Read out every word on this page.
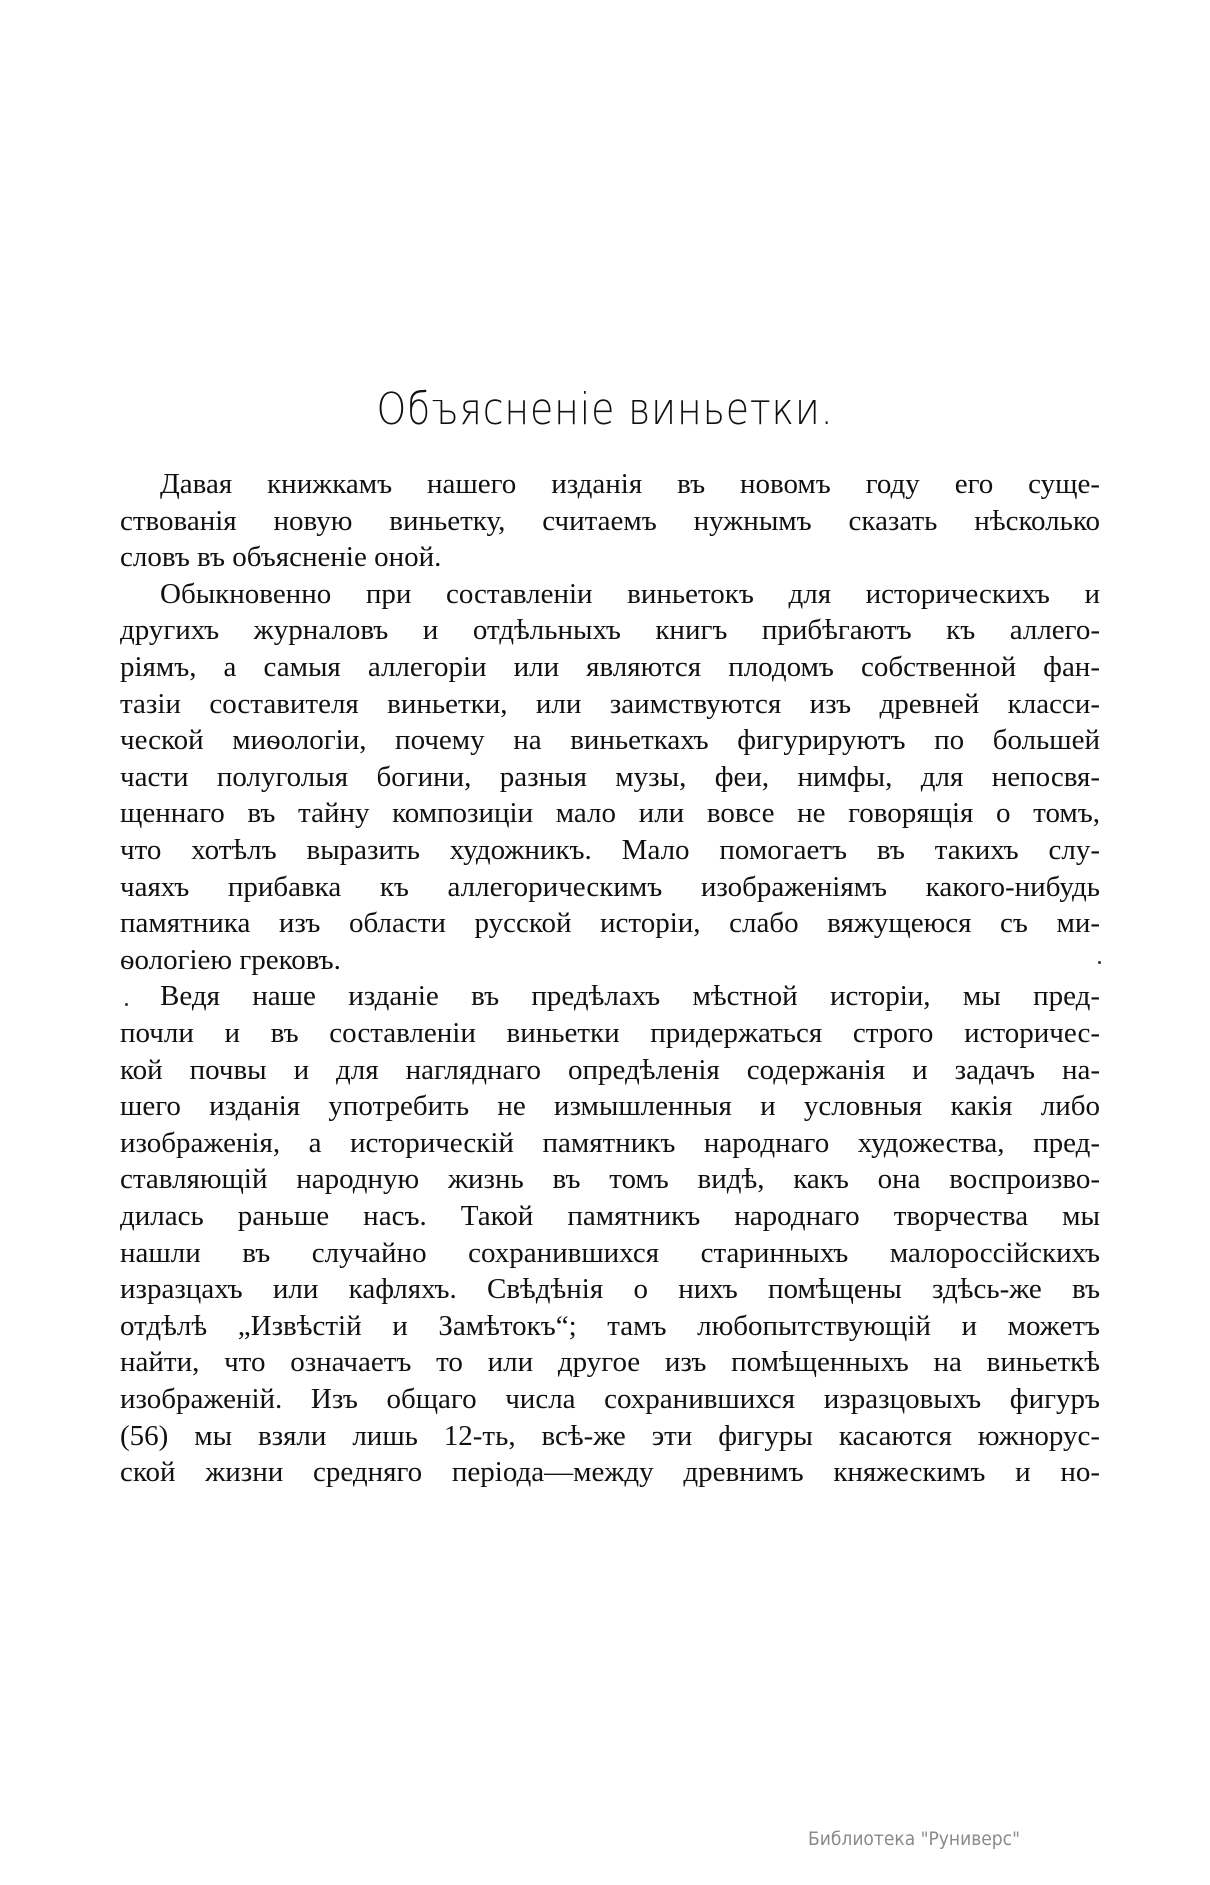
Объясненiе виньетки.
Давая книжкамъ нашего изданiя въ новомъ году его суще-
ствованiя новую виньетку, считаемъ нужнымъ сказать нѣсколько
словъ въ объясненiе оной.
Обыкновенно при составленiи виньетокъ для историческихъ и
другихъ журналовъ и отдѣльныхъ книгъ прибѣгаютъ къ аллего-
рiямъ, а самыя аллегорiи или являются плодомъ собственной фан-
тазiи составителя виньетки, или заимствуются изъ древней класси-
ческой миѳологiи, почему на виньеткахъ фигурируютъ по большей
части полуголыя богини, разныя музы, феи, нимфы, для непосвя-
щеннаго въ тайну композицiи мало или вовсе не говорящiя о томъ,
что хотѣлъ выразить художникъ. Мало помогаетъ въ такихъ слу-
чаяхъ прибавка къ аллегорическимъ изображенiямъ какого-нибудь
памятника изъ области русской исторiи, слабо вяжущеюся съ ми-
ѳологiею грековъ.
Ведя наше изданiе въ предѣлахъ мѣстной исторiи, мы пред-
почли и въ составленiи виньетки придержаться строго историчес-
кой почвы и для нагляднаго опредѣленiя содержанiя и задачъ на-
шего изданiя употребить не измышленныя и условныя какiя либо
изображенiя, а историческiй памятникъ народнаго художества, пред-
ставляющiй народную жизнь въ томъ видѣ, какъ она воспроизво-
дилась раньше насъ. Такой памятникъ народнаго творчества мы
нашли въ случайно сохранившихся старинныхъ малороссiйскихъ
изразцахъ или кафляхъ. Свѣдѣнiя о нихъ помѣщены здѣсь-же въ
отдѣлѣ „Извѣстiй и Замѣтокъ“; тамъ любопытствующiй и можетъ
найти, что означаетъ то или другое изъ помѣщенныхъ на виньеткѣ
изображенiй. Изъ общаго числа сохранившихся изразцовыхъ фигуръ
(56) мы взяли лишь 12-ть, всѣ-же эти фигуры касаются южнорус-
ской жизни средняго перiода—между древнимъ княжескимъ и но-
Библиотека "Руниверс"
